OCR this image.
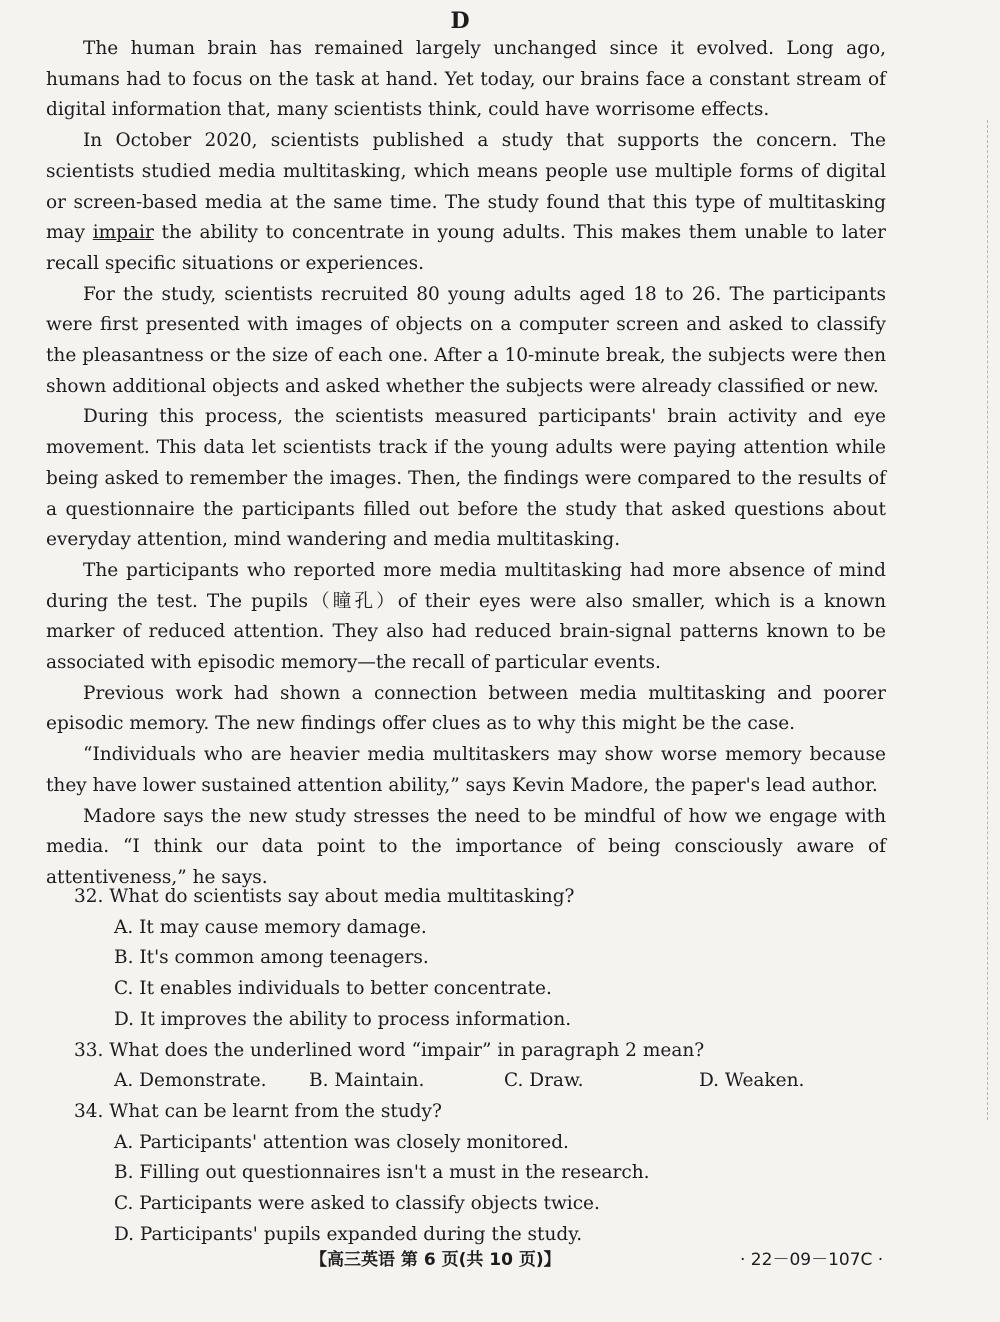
D

The human brain has remained largely unchanged since it evolved. Long ago, humans had to focus on the task at hand. Yet today, our brains face a constant stream of digital information that, many scientists think, could have worrisome effects.

In October 2020, scientists published a study that supports the concern. The scientists studied media multitasking, which means people use multiple forms of digital or screen-based media at the same time. The study found that this type of multitasking may impair the ability to concentrate in young adults. This makes them unable to later recall specific situations or experiences.

For the study, scientists recruited 80 young adults aged 18 to 26. The participants were first presented with images of objects on a computer screen and asked to classify the pleasantness or the size of each one. After a 10-minute break, the subjects were then shown additional objects and asked whether the subjects were already classified or new.

During this process, the scientists measured participants' brain activity and eye movement. This data let scientists track if the young adults were paying attention while being asked to remember the images. Then, the findings were compared to the results of a questionnaire the participants filled out before the study that asked questions about everyday attention, mind wandering and media multitasking.

The participants who reported more media multitasking had more absence of mind during the test. The pupils（瞳孔）of their eyes were also smaller, which is a known marker of reduced attention. They also had reduced brain-signal patterns known to be associated with episodic memory—the recall of particular events.

Previous work had shown a connection between media multitasking and poorer episodic memory. The new findings offer clues as to why this might be the case.

“Individuals who are heavier media multitaskers may show worse memory because they have lower sustained attention ability,” says Kevin Madore, the paper's lead author.

Madore says the new study stresses the need to be mindful of how we engage with media. “I think our data point to the importance of being consciously aware of attentiveness,” he says.

32. What do scientists say about media multitasking?
A. It may cause memory damage.
B. It's common among teenagers.
C. It enables individuals to better concentrate.
D. It improves the ability to process information.
33. What does the underlined word “impair” in paragraph 2 mean?
A. Demonstrate.	B. Maintain.	C. Draw.	D. Weaken.
34. What can be learnt from the study?
A. Participants' attention was closely monitored.
B. Filling out questionnaires isn't a must in the research.
C. Participants were asked to classify objects twice.
D. Participants' pupils expanded during the study.
【高三英语 第 6 页(共 10 页)】	· 22－09－107C ·
